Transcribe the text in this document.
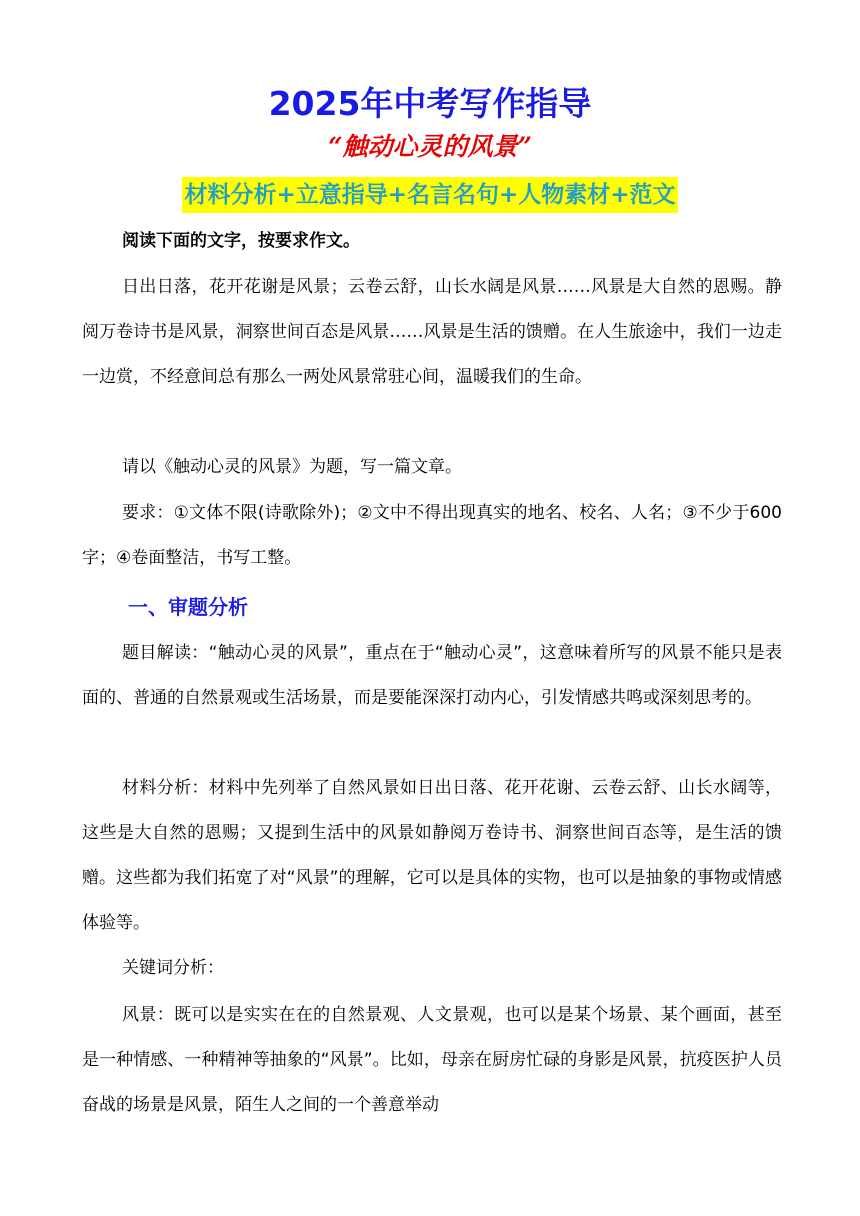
2025年中考写作指导
“触动心灵的风景”
材料分析+立意指导+名言名句+人物素材+范文
阅读下面的文字，按要求作文。
日出日落，花开花谢是风景；云卷云舒，山长水阔是风景……风景是大自然的恩赐。静阅万卷诗书是风景，洞察世间百态是风景……风景是生活的馈赠。在人生旅途中，我们一边走一边赏，不经意间总有那么一两处风景常驻心间，温暖我们的生命。
请以《触动心灵的风景》为题，写一篇文章。
要求：①文体不限(诗歌除外)；②文中不得出现真实的地名、校名、人名；③不少于600字；④卷面整洁，书写工整。
一、审题分析
题目解读：“触动心灵的风景”，重点在于“触动心灵”，这意味着所写的风景不能只是表面的、普通的自然景观或生活场景，而是要能深深打动内心，引发情感共鸣或深刻思考的。
材料分析：材料中先列举了自然风景如日出日落、花开花谢、云卷云舒、山长水阔等，这些是大自然的恩赐；又提到生活中的风景如静阅万卷诗书、洞察世间百态等，是生活的馈赠。这些都为我们拓宽了对“风景”的理解，它可以是具体的实物，也可以是抽象的事物或情感体验等。
关键词分析：
风景：既可以是实实在在的自然景观、人文景观，也可以是某个场景、某个画面，甚至是一种情感、一种精神等抽象的“风景”。比如，母亲在厨房忙碌的身影是风景，抗疫医护人员奋战的场景是风景，陌生人之间的一个善意举动
